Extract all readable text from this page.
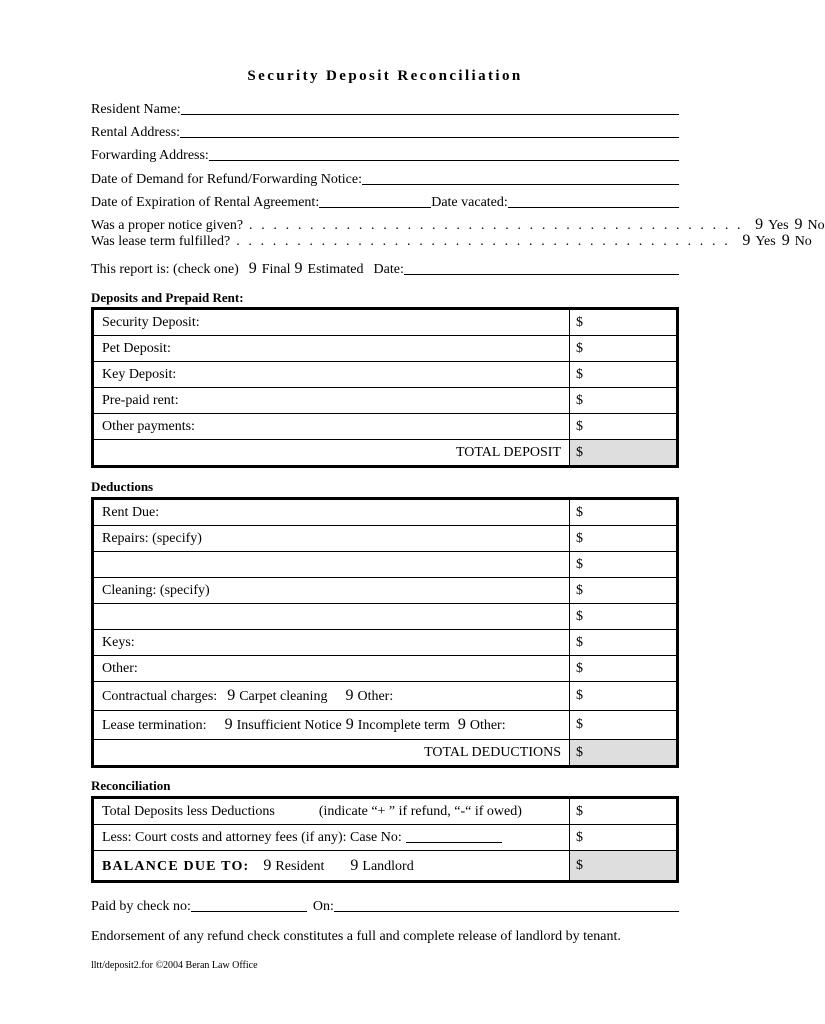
Security Deposit Reconciliation
Resident Name:
Rental Address:
Forwarding Address:
Date of Demand for Refund/Forwarding Notice:
Date of Expiration of Rental Agreement:	Date vacated:
Was a proper notice given? . . . . . . . . . . . . . . . . . . . . . . . . . . . . . . . . . . . . . . . . . 9 Yes 9 No
Was lease term fulfilled? . . . . . . . . . . . . . . . . . . . . . . . . . . . . . . . . . . . . . . . . . 9 Yes 9 No
This report is: (check one) 9 Final 9 Estimated Date:
Deposits and Prepaid Rent:
Security Deposit:	$
Pet Deposit:	$
Key Deposit:	$
Pre-paid rent:	$
Other payments:	$
TOTAL DEPOSIT	$
Deductions
Rent Due:	$
Repairs: (specify)	$
	$
Cleaning: (specify)	$
	$
Keys:	$
Other:	$
Contractual charges: 9 Carpet cleaning 9 Other:	$
Lease termination: 9 Insufficient Notice 9 Incomplete term 9 Other:	$
TOTAL DEDUCTIONS	$
Reconciliation
Total Deposits less Deductions (indicate “+ ” if refund, “-“ if owed)	$
Less: Court costs and attorney fees (if any): Case No:	$
BALANCE DUE TO: 9 Resident 9 Landlord	$
Paid by check no:	On:
Endorsement of any refund check constitutes a full and complete release of landlord by tenant.
lltt/deposit2.for ©2004 Beran Law Office
